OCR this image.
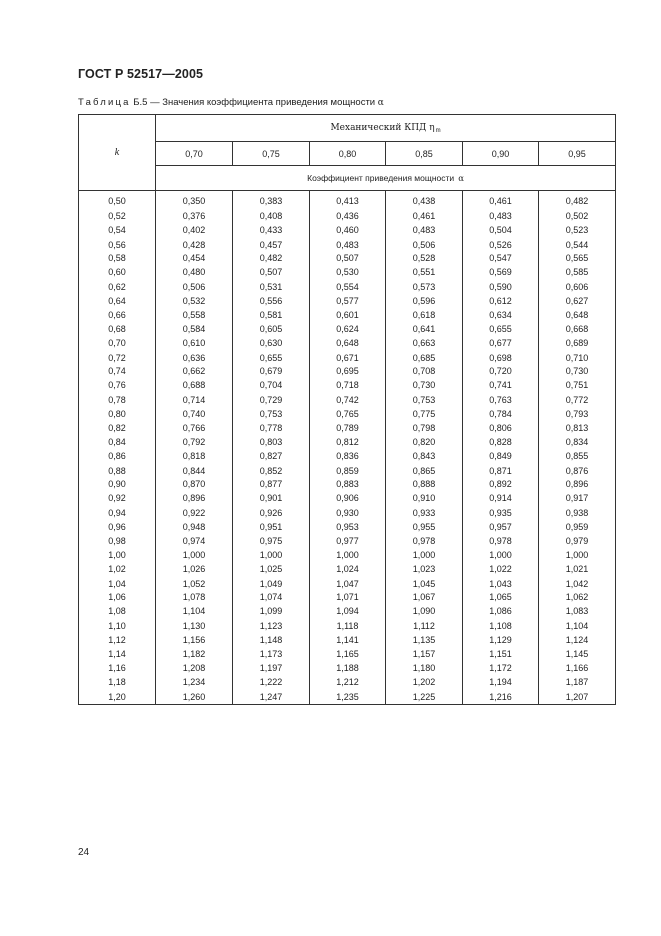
ГОСТ Р 52517—2005
Таблица Б.5 — Значения коэффициента приведения мощности α
k	Механический КПД $\eta_m$
	0,70	0,75	0,80	0,85	0,90	0,95
	Коэффициент приведения мощности α					
0,50	0,350	0,383	0,413	0,438	0,461	0,482
0,52	0,376	0,408	0,436	0,461	0,483	0,502
0,54	0,402	0,433	0,460	0,483	0,504	0,523
0,56	0,428	0,457	0,483	0,506	0,526	0,544
0,58	0,454	0,482	0,507	0,528	0,547	0,565
0,60	0,480	0,507	0,530	0,551	0,569	0,585
0,62	0,506	0,531	0,554	0,573	0,590	0,606
0,64	0,532	0,556	0,577	0,596	0,612	0,627
0,66	0,558	0,581	0,601	0,618	0,634	0,648
0,68	0,584	0,605	0,624	0,641	0,655	0,668
0,70	0,610	0,630	0,648	0,663	0,677	0,689
0,72	0,636	0,655	0,671	0,685	0,698	0,710
0,74	0,662	0,679	0,695	0,708	0,720	0,730
0,76	0,688	0,704	0,718	0,730	0,741	0,751
0,78	0,714	0,729	0,742	0,753	0,763	0,772
0,80	0,740	0,753	0,765	0,775	0,784	0,793
0,82	0,766	0,778	0,789	0,798	0,806	0,813
0,84	0,792	0,803	0,812	0,820	0,828	0,834
0,86	0,818	0,827	0,836	0,843	0,849	0,855
0,88	0,844	0,852	0,859	0,865	0,871	0,876
0,90	0,870	0,877	0,883	0,888	0,892	0,896
0,92	0,896	0,901	0,906	0,910	0,914	0,917
0,94	0,922	0,926	0,930	0,933	0,935	0,938
0,96	0,948	0,951	0,953	0,955	0,957	0,959
0,98	0,974	0,975	0,977	0,978	0,978	0,979
1,00	1,000	1,000	1,000	1,000	1,000	1,000
1,02	1,026	1,025	1,024	1,023	1,022	1,021
1,04	1,052	1,049	1,047	1,045	1,043	1,042
1,06	1,078	1,074	1,071	1,067	1,065	1,062
1,08	1,104	1,099	1,094	1,090	1,086	1,083
1,10	1,130	1,123	1,118	1,112	1,108	1,104
1,12	1,156	1,148	1,141	1,135	1,129	1,124
1,14	1,182	1,173	1,165	1,157	1,151	1,145
1,16	1,208	1,197	1,188	1,180	1,172	1,166
1,18	1,234	1,222	1,212	1,202	1,194	1,187
1,20	1,260	1,247	1,235	1,225	1,216	1,207
24
